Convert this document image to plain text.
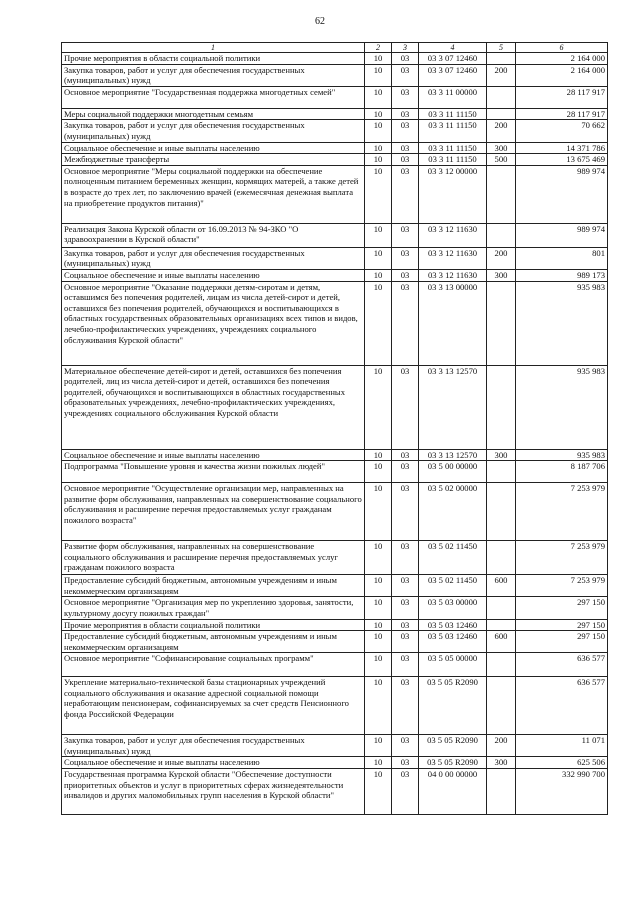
62
1	2	3	4	5	6
Прочие мероприятия в области социальной политики	10	03	03 3 07 12460		2 164 000
Закупка товаров, работ и услуг для обеспечения государственных (муниципальных) нужд	10	03	03 3 07 12460	200	2 164 000
Основное мероприятие "Государственная поддержка многодетных семей"	10	03	03 3 11 00000		28 117 917
Меры социальной поддержки многодетным семьям	10	03	03 3 11 11150		28 117 917
Закупка товаров, работ и услуг для обеспечения государственных (муниципальных) нужд	10	03	03 3 11 11150	200	70 662
Социальное обеспечение и иные выплаты населению	10	03	03 3 11 11150	300	14 371 786
Межбюджетные трансферты	10	03	03 3 11 11150	500	13 675 469
Основное мероприятие "Меры социальной поддержки на обеспечение полноценным питанием беременных женщин, кормящих матерей, а также детей в возрасте до трех лет, по заключению врачей (ежемесячная денежная выплата на приобретение продуктов питания)"	10	03	03 3 12 00000		989 974
Реализация Закона Курской области от 16.09.2013 № 94-ЗКО "О здравоохранении в Курской области"	10	03	03 3 12 11630		989 974
Закупка товаров, работ и услуг для обеспечения государственных (муниципальных) нужд	10	03	03 3 12 11630	200	801
Социальное обеспечение и иные выплаты населению	10	03	03 3 12 11630	300	989 173
Основное мероприятие "Оказание поддержки детям-сиротам и детям, оставшимся без попечения родителей, лицам из числа детей-сирот и детей, оставшихся без попечения родителей, обучающихся и воспитывающихся в областных государственных образовательных организациях всех типов и видов, лечебно-профилактических учреждениях, учреждениях социального обслуживания Курской области"	10	03	03 3 13 00000		935 983
Материальное обеспечение детей-сирот и детей, оставшихся без попечения родителей, лиц из числа детей-сирот и детей, оставшихся без попечения родителей, обучающихся и воспитывающихся в областных государственных образовательных учреждениях, лечебно-профилактических учреждениях, учреждениях социального обслуживания Курской области	10	03	03 3 13 12570		935 983
Социальное обеспечение и иные выплаты населению	10	03	03 3 13 12570	300	935 983
Подпрограмма "Повышение уровня и качества жизни пожилых людей"	10	03	03 5 00 00000		8 187 706
Основное мероприятие "Осуществление организации мер, направленных на развитие форм обслуживания, направленных на совершенствование социального обслуживания и расширение перечня предоставляемых услуг гражданам пожилого возраста"	10	03	03 5 02 00000		7 253 979
Развитие форм обслуживания, направленных на совершенствование социального обслуживания и расширение перечня предоставляемых услуг гражданам пожилого возраста	10	03	03 5 02 11450		7 253 979
Предоставление субсидий бюджетным, автономным учреждениям и иным некоммерческим организациям	10	03	03 5 02 11450	600	7 253 979
Основное мероприятие "Организация мер по укреплению здоровья, занятости, культурному досугу пожилых граждан"	10	03	03 5 03 00000		297 150
Прочие мероприятия в области социальной политики	10	03	03 5 03 12460		297 150
Предоставление субсидий бюджетным, автономным учреждениям и иным некоммерческим организациям	10	03	03 5 03 12460	600	297 150
Основное мероприятие "Софинансирование социальных программ"	10	03	03 5 05 00000		636 577
Укрепление материально-технической базы стационарных учреждений социального обслуживания и оказание адресной социальной помощи неработающим пенсионерам, софинансируемых за счет средств Пенсионного фонда Российской Федерации	10	03	03 5 05 R2090		636 577
Закупка товаров, работ и услуг для обеспечения государственных (муниципальных) нужд	10	03	03 5 05 R2090	200	11 071
Социальное обеспечение и иные выплаты населению	10	03	03 5 05 R2090	300	625 506
Государственная программа Курской области "Обеспечение доступности приоритетных объектов и услуг в приоритетных сферах жизнедеятельности инвалидов и других маломобильных групп населения в Курской области"	10	03	04 0 00 00000		332 990 700
